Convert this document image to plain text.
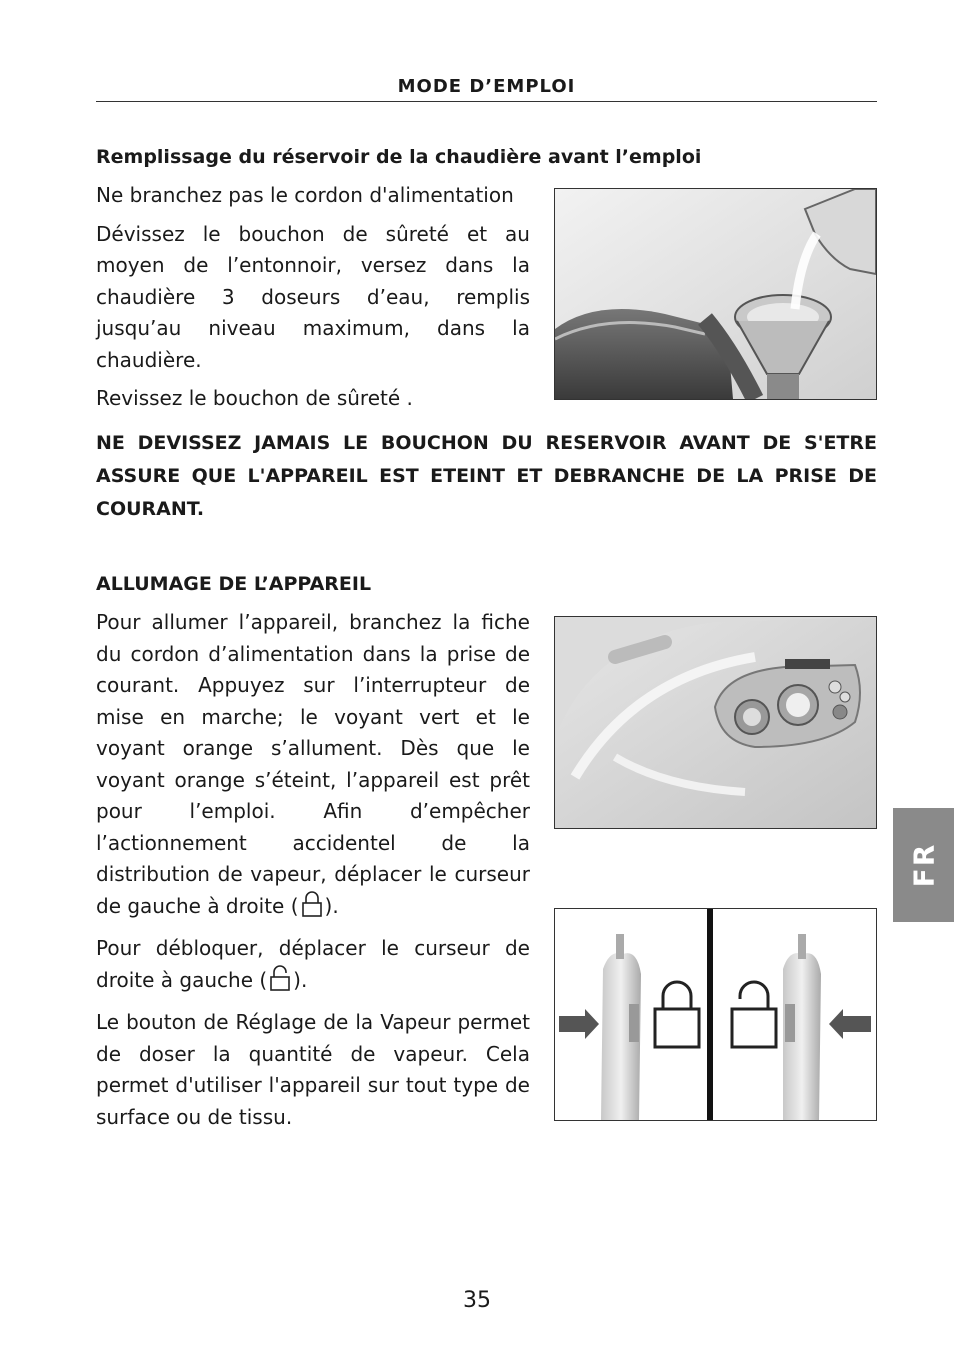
MODE D’EMPLOI
Remplissage du réservoir de la chaudière avant l’emploi

Ne branchez pas le cordon d'alimentation

Dévissez le bouchon de sûreté et au moyen de l’entonnoir, versez dans la chaudière 3 doseurs d’eau, remplis jusqu’au niveau maximum, dans la chaudière.

Revissez le bouchon de sûreté .

NE DEVISSEZ JAMAIS LE BOUCHON DU RESERVOIR AVANT DE S'ETRE ASSURE QUE L'APPAREIL EST ETEINT ET DEBRANCHE DE LA PRISE DE COURANT.
ALLUMAGE DE L’APPAREIL

Pour allumer l’appareil, branchez la fiche du cordon d’alimentation dans la prise de courant. Appuyez sur l’interrupteur de mise en marche; le voyant vert et le voyant orange s’allument. Dès que le voyant orange s’éteint, l’appareil est prêt pour l’emploi. Afin d’empêcher l’actionnement accidentel de la distribution de vapeur, déplacer le curseur de gauche à droite ( ).

Pour débloquer, déplacer le curseur de droite à gauche ( ).

Le bouton de Réglage de la Vapeur permet de doser la quantité de vapeur. Cela permet d'utiliser l'appareil sur tout type de surface ou de tissu.

FR
35
